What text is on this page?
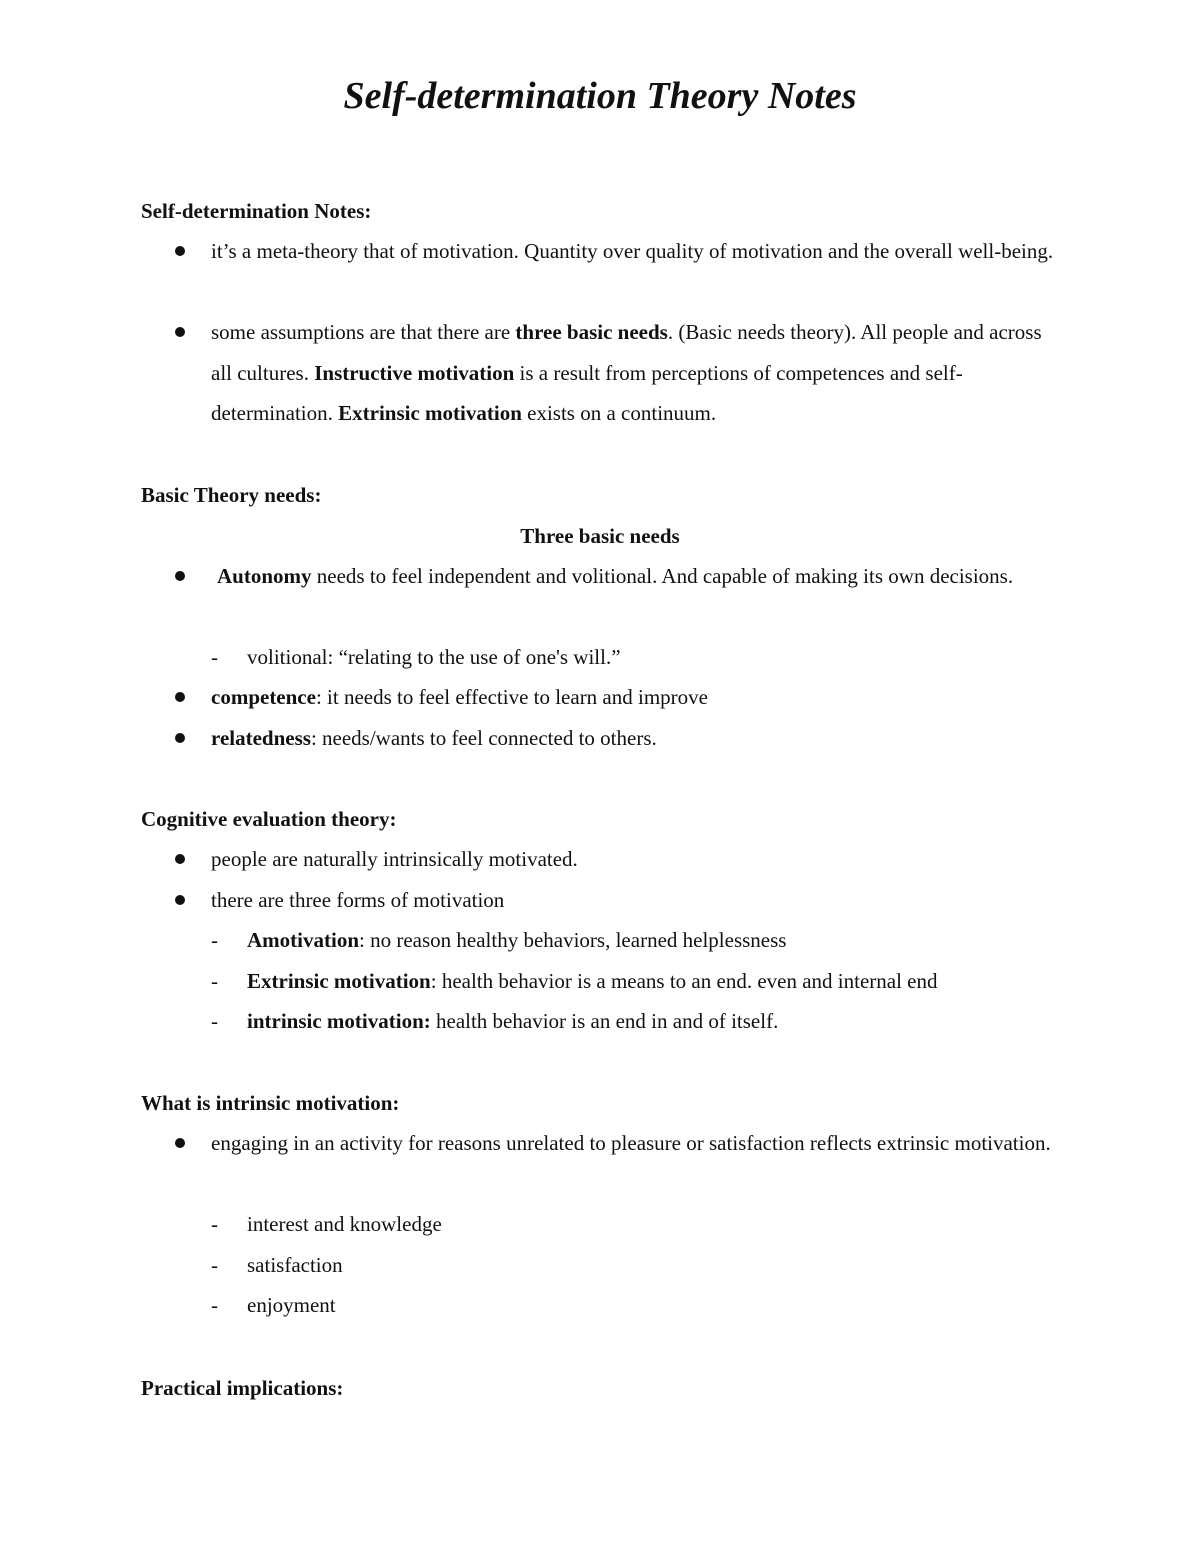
Self-determination Theory Notes

Self-determination Notes:

it’s a meta-theory that of motivation. Quantity over quality of motivation and the overall well-being.
some assumptions are that there are three basic needs. (Basic needs theory). All people and across all cultures. Instructive motivation is a result from perceptions of competences and self-determination. Extrinsic motivation exists on a continuum.

Basic Theory needs:

Three basic needs

Autonomy needs to feel independent and volitional. And capable of making its own decisions.
- volitional: “relating to the use of one's will.”
competence: it needs to feel effective to learn and improve
relatedness: needs/wants to feel connected to others.

Cognitive evaluation theory:

people are naturally intrinsically motivated.
there are three forms of motivation
- Amotivation: no reason healthy behaviors, learned helplessness
- Extrinsic motivation: health behavior is a means to an end. even and internal end
- intrinsic motivation: health behavior is an end in and of itself.

What is intrinsic motivation:

engaging in an activity for reasons unrelated to pleasure or satisfaction reflects extrinsic motivation.
- interest and knowledge
- satisfaction
- enjoyment

Practical implications:
